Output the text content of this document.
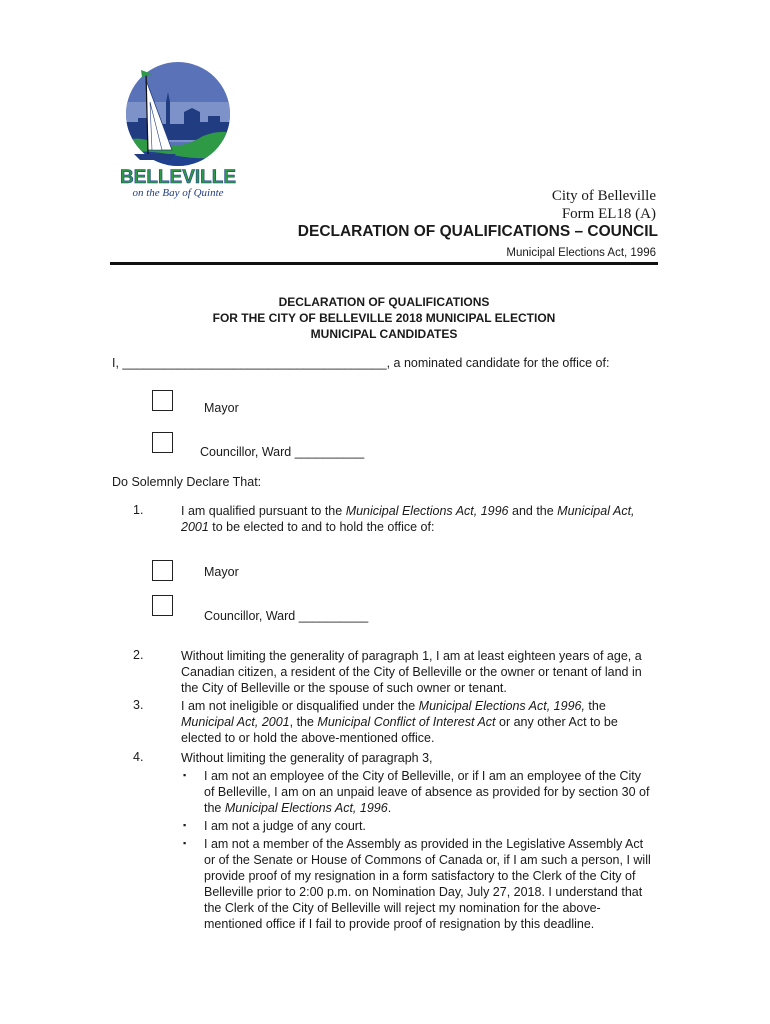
BELLEVILLE
on the Bay of Quinte	City of Belleville
Form EL18 (A)
DECLARATION OF QUALIFICATIONS – COUNCIL
Municipal Elections Act, 1996
DECLARATION OF QUALIFICATIONS
FOR THE CITY OF BELLEVILLE 2018 MUNICIPAL ELECTION
MUNICIPAL CANDIDATES
I, ______________________________________, a nominated candidate for the office of:
Mayor
Councillor, Ward __________
Do Solemnly Declare That:
1.	I am qualified pursuant to the Municipal Elections Act, 1996 and the Municipal Act,
2001 to be elected to and to hold the office of:
Mayor
Councillor, Ward __________
2.	Without limiting the generality of paragraph 1, I am at least eighteen years of age, a
Canadian citizen, a resident of the City of Belleville or the owner or tenant of land in
the City of Belleville or the spouse of such owner or tenant.
3.	I am not ineligible or disqualified under the Municipal Elections Act, 1996, the
Municipal Act, 2001, the Municipal Conflict of Interest Act or any other Act to be
elected to or hold the above-mentioned office.
4.	Without limiting the generality of paragraph 3,
▪ I am not an employee of the City of Belleville, or if I am an employee of the City
of Belleville, I am on an unpaid leave of absence as provided for by section 30 of
the Municipal Elections Act, 1996.
▪ I am not a judge of any court.
▪ I am not a member of the Assembly as provided in the Legislative Assembly Act
or of the Senate or House of Commons of Canada or, if I am such a person, I will
provide proof of my resignation in a form satisfactory to the Clerk of the City of
Belleville prior to 2:00 p.m. on Nomination Day, July 27, 2018. I understand that
the Clerk of the City of Belleville will reject my nomination for the above-
mentioned office if I fail to provide proof of resignation by this deadline.
